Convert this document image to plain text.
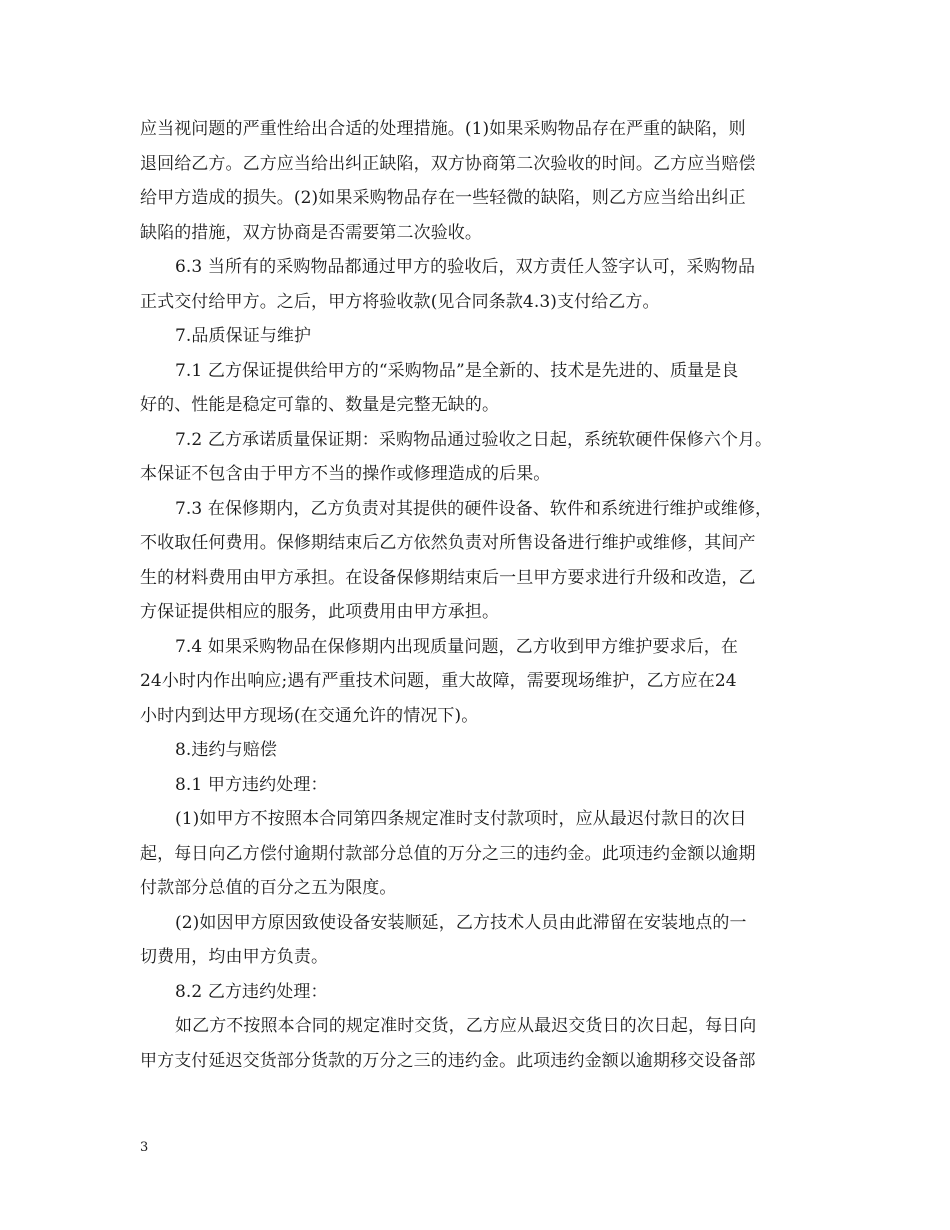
应当视问题的严重性给出合适的处理措施。(1)如果采购物品存在严重的缺陷，则
退回给乙方。乙方应当给出纠正缺陷，双方协商第二次验收的时间。乙方应当赔偿
给甲方造成的损失。(2)如果采购物品存在一些轻微的缺陷，则乙方应当给出纠正
缺陷的措施，双方协商是否需要第二次验收。
6.3 当所有的采购物品都通过甲方的验收后，双方责任人签字认可，采购物品
正式交付给甲方。之后，甲方将验收款(见合同条款4.3)支付给乙方。
7.品质保证与维护
7.1 乙方保证提供给甲方的“采购物品”是全新的、技术是先进的、质量是良
好的、性能是稳定可靠的、数量是完整无缺的。
7.2 乙方承诺质量保证期：采购物品通过验收之日起，系统软硬件保修六个月。
本保证不包含由于甲方不当的操作或修理造成的后果。
7.3 在保修期内，乙方负责对其提供的硬件设备、软件和系统进行维护或维修，
不收取任何费用。保修期结束后乙方依然负责对所售设备进行维护或维修，其间产
生的材料费用由甲方承担。在设备保修期结束后一旦甲方要求进行升级和改造，乙
方保证提供相应的服务，此项费用由甲方承担。
7.4 如果采购物品在保修期内出现质量问题，乙方收到甲方维护要求后，在
24小时内作出响应;遇有严重技术问题，重大故障，需要现场维护，乙方应在24
小时内到达甲方现场(在交通允许的情况下)。
8.违约与赔偿
8.1 甲方违约处理：
(1)如甲方不按照本合同第四条规定准时支付款项时，应从最迟付款日的次日
起，每日向乙方偿付逾期付款部分总值的万分之三的违约金。此项违约金额以逾期
付款部分总值的百分之五为限度。
(2)如因甲方原因致使设备安装顺延，乙方技术人员由此滞留在安装地点的一
切费用，均由甲方负责。
8.2 乙方违约处理：
如乙方不按照本合同的规定准时交货，乙方应从最迟交货日的次日起，每日向
甲方支付延迟交货部分货款的万分之三的违约金。此项违约金额以逾期移交设备部
3
